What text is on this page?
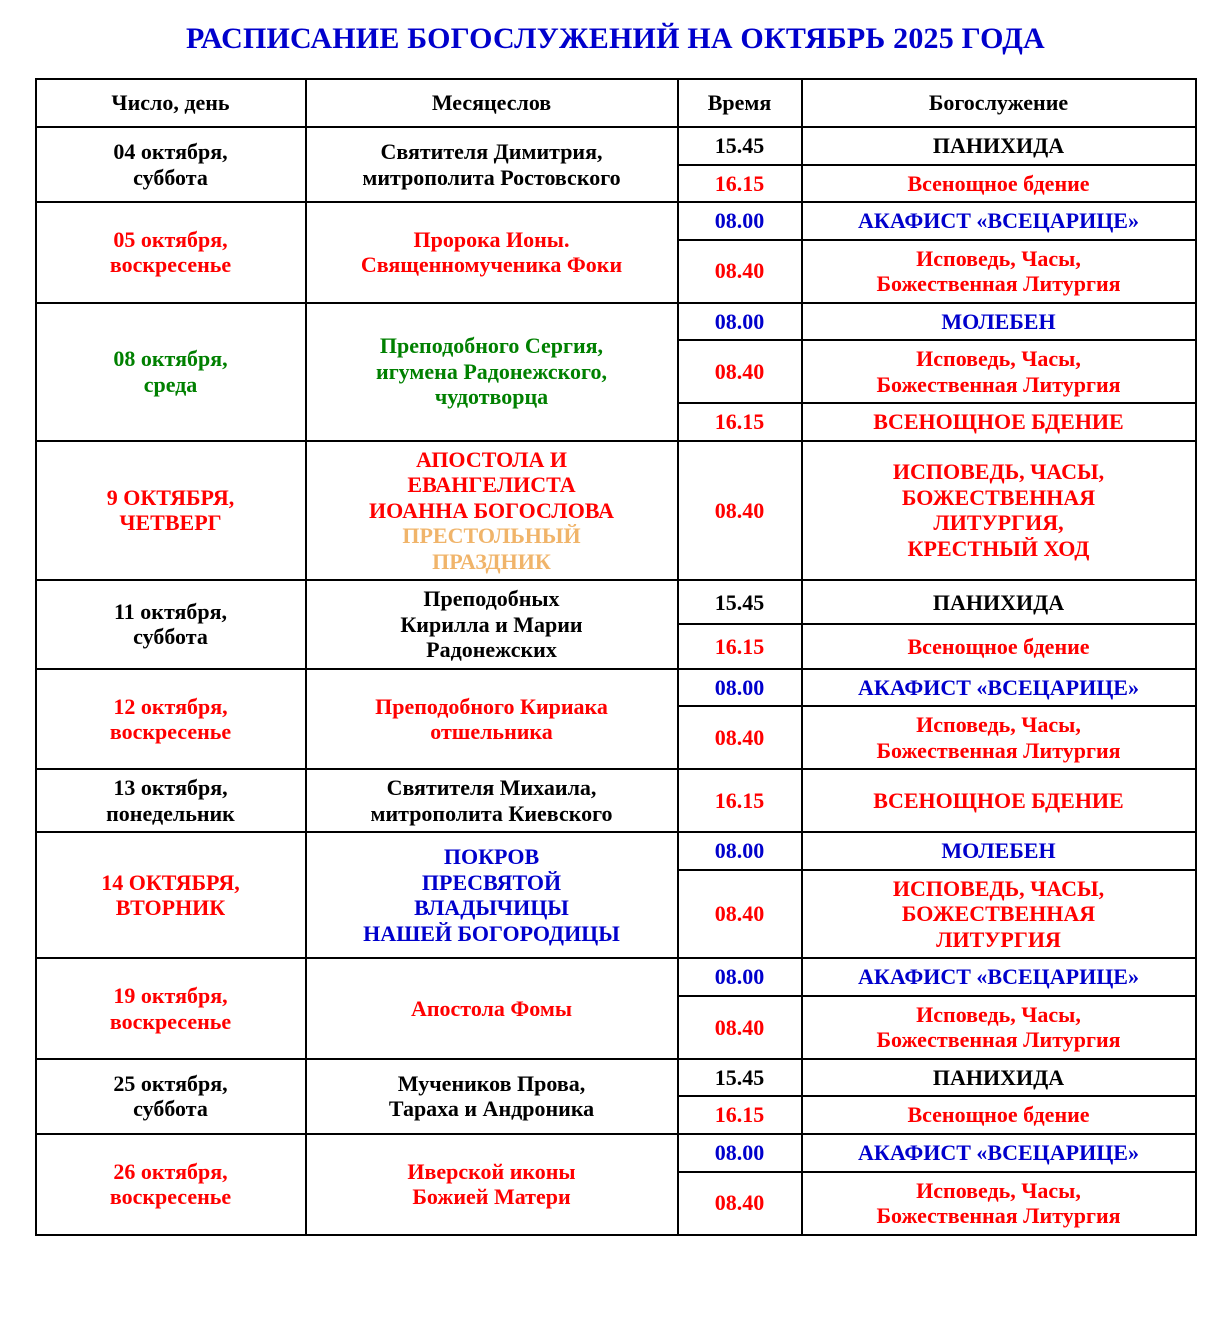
РАСПИСАНИЕ БОГОСЛУЖЕНИЙ НА ОКТЯБРЬ 2025 ГОДА
Число, день	Месяцеслов	Время	Богослужение

04 октября,
суббота	Святителя Димитрия,
митрополита Ростовского	15.45	ПАНИХИДА

		16.15	Всенощное бдение

05 октября,
воскресенье	Пророка Ионы.
Священномученика Фоки	08.00	АКАФИСТ «ВСЕЦАРИЦЕ»

		08.40	Исповедь, Часы,
Божественная Литургия

08 октября,
среда	Преподобного Сергия,
игумена Радонежского,
чудотворца	08.00	МОЛЕБЕН

		08.40	Исповедь, Часы,
Божественная Литургия

		16.15	ВСЕНОЩНОЕ БДЕНИЕ

9 ОКТЯБРЯ,
ЧЕТВЕРГ	АПОСТОЛА И
ЕВАНГЕЛИСТА
ИОАННА БОГОСЛОВА
ПРЕСТОЛЬНЫЙ
ПРАЗДНИК	08.40	ИСПОВЕДЬ, ЧАСЫ,
БОЖЕСТВЕННАЯ
ЛИТУРГИЯ,
КРЕСТНЫЙ ХОД

11 октября,
суббота	Преподобных
Кирилла и Марии
Радонежских	15.45	ПАНИХИДА

		16.15	Всенощное бдение

12 октября,
воскресенье	Преподобного Кириака
отшельника	08.00	АКАФИСТ «ВСЕЦАРИЦЕ»

		08.40	Исповедь, Часы,
Божественная Литургия

13 октября,
понедельник	Святителя Михаила,
митрополита Киевского	16.15	ВСЕНОЩНОЕ БДЕНИЕ

14 ОКТЯБРЯ,
ВТОРНИК	ПОКРОВ
ПРЕСВЯТОЙ
ВЛАДЫЧИЦЫ
НАШЕЙ БОГОРОДИЦЫ	08.00	МОЛЕБЕН

		08.40	ИСПОВЕДЬ, ЧАСЫ,
БОЖЕСТВЕННАЯ
ЛИТУРГИЯ

19 октября,
воскресенье	Апостола Фомы	08.00	АКАФИСТ «ВСЕЦАРИЦЕ»

		08.40	Исповедь, Часы,
Божественная Литургия

25 октября,
суббота	Мучеников Прова,
Тараха и Андроника	15.45	ПАНИХИДА

		16.15	Всенощное бдение

26 октября,
воскресенье	Иверской иконы
Божией Матери	08.00	АКАФИСТ «ВСЕЦАРИЦЕ»

		08.40	Исповедь, Часы,
Божественная Литургия
